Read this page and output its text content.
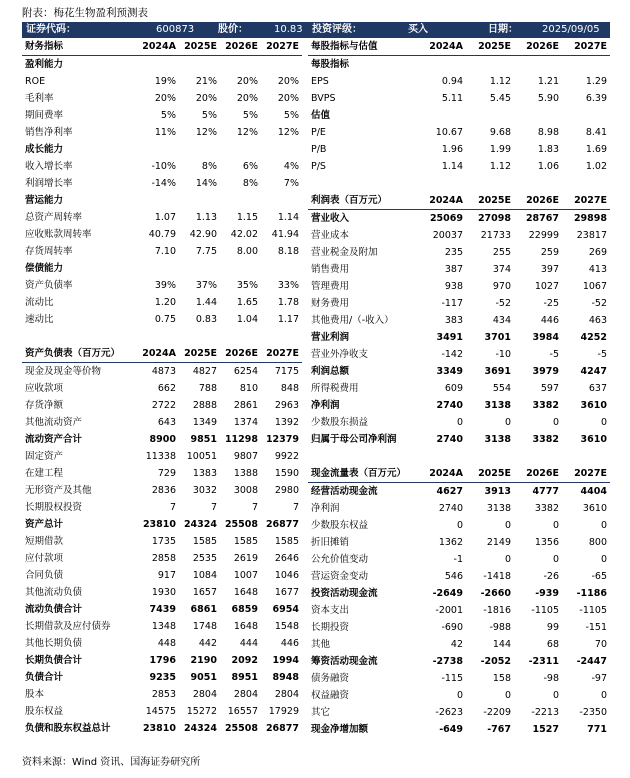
附表：梅花生物盈利预测表
证券代码：	600873 股价：	10.83 投资评级：	买入	日期： 2025/09/05
财务指标	2024A	2025E	2026E	2027E
盈利能力				
ROE	19%	21%	20%	20%
毛利率	20%	20%	20%	20%
期间费率	5%	5%	5%	5%
销售净利率	11%	12%	12%	12%
成长能力				
收入增长率	-10%	8%	6%	4%
利润增长率	-14%	14%	8%	7%
营运能力				
总资产周转率	1.07	1.13	1.15	1.14
应收账款周转率	40.79	42.90	42.02	41.94
存货周转率	7.10	7.75	8.00	8.18
偿债能力				
资产负债率	39%	37%	35%	33%
流动比	1.20	1.44	1.65	1.78
速动比	0.75	0.83	1.04	1.17

资产负债表（百万元）	2024A	2025E	2026E	2027E
现金及现金等价物	4873	4827	6254	7175
应收款项	662	788	810	848
存货净额	2722	2888	2861	2963
其他流动资产	643	1349	1374	1392
流动资产合计	8900	9851	11298	12379
固定资产	11338	10051	9807	9922
在建工程	729	1383	1388	1590
无形资产及其他	2836	3032	3008	2980
长期股权投资	7	7	7	7
资产总计	23810	24324	25508	26877
短期借款	1735	1585	1585	1585
应付款项	2858	2535	2619	2646
合同负债	917	1084	1007	1046
其他流动负债	1930	1657	1648	1677
流动负债合计	7439	6861	6859	6954
长期借款及应付债券	1348	1748	1648	1548
其他长期负债	448	442	444	446
长期负债合计	1796	2190	2092	1994
负债合计	9235	9051	8951	8948
股本	2853	2804	2804	2804
股东权益	14575	15272	16557	17929
负债和股东权益总计	23810	24324	25508	26877
每股指标与估值	2024A	2025E	2026E	2027E
每股指标				
EPS	0.94	1.12	1.21	1.29
BVPS	5.11	5.45	5.90	6.39
估值				
P/E	10.67	9.68	8.98	8.41
P/B	1.96	1.99	1.83	1.69
P/S	1.14	1.12	1.06	1.02

利润表（百万元）	2024A	2025E	2026E	2027E
营业收入	25069	27098	28767	29898
营业成本	20037	21733	22999	23817
营业税金及附加	235	255	259	269
销售费用	387	374	397	413
管理费用	938	970	1027	1067
财务费用	-117	-52	-25	-52
其他费用/（-收入）	383	434	446	463
营业利润	3491	3701	3984	4252
营业外净收支	-142	-10	-5	-5
利润总额	3349	3691	3979	4247
所得税费用	609	554	597	637
净利润	2740	3138	3382	3610
少数股东损益	0	0	0	0
归属于母公司净利润	2740	3138	3382	3610

现金流量表（百万元）	2024A	2025E	2026E	2027E
经营活动现金流	4627	3913	4777	4404
净利润	2740	3138	3382	3610
少数股东权益	0	0	0	0
折旧摊销	1362	2149	1356	800
公允价值变动	-1	0	0	0
营运资金变动	546	-1418	-26	-65
投资活动现金流	-2649	-2660	-939	-1186
资本支出	-2001	-1816	-1105	-1105
长期投资	-690	-988	99	-151
其他	42	144	68	70
筹资活动现金流	-2738	-2052	-2311	-2447
债务融资	-115	158	-98	-97
权益融资	0	0	0	0
其它	-2623	-2209	-2213	-2350
现金净增加额	-649	-767	1527	771
资料来源：Wind 资讯、国海证券研究所
